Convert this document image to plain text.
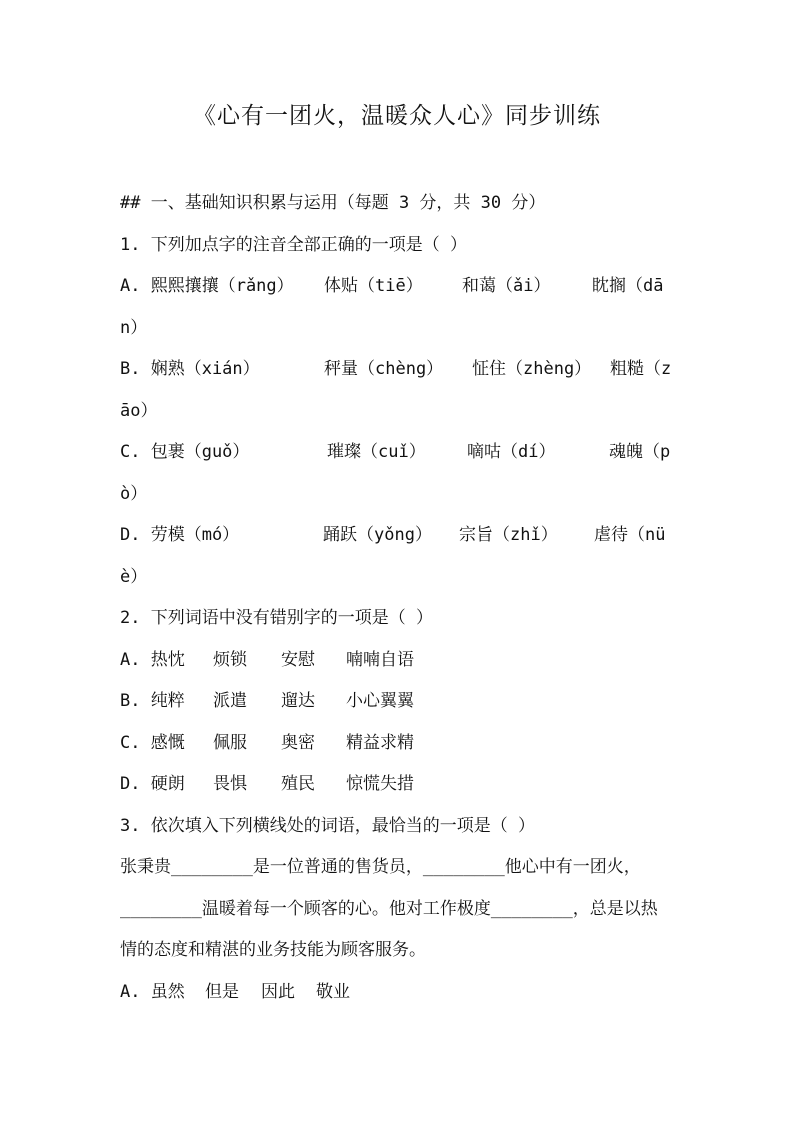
《心有一团火，温暖众人心》同步训练
## 一、基础知识积累与运用（每题 3 分，共 30 分）
1. 下列加点字的注音全部正确的一项是（ ）
A. 熙熙攘攘（rǎng）	体贴（tiē）	和蔼（ǎi）	眈搁（dā
n）
B. 娴熟（xián）	秤量（chèng）	怔住（zhèng）	粗糙（z
āo）
C. 包裹（guǒ）	璀璨（cuǐ）	嘀咕（dí）	魂魄（p
ò）
D. 劳模（mó）	踊跃（yǒng）	宗旨（zhǐ）	虐待（nü
è）
2. 下列词语中没有错别字的一项是（ ）
A. 热忱	烦锁	安慰	喃喃自语
B. 纯粹	派遣	遛达	小心翼翼
C. 感慨	佩服	奥密	精益求精
D. 硬朗	畏惧	殖民	惊慌失措
3. 依次填入下列横线处的词语，最恰当的一项是（ ）
张秉贵________是一位普通的售货员，________他心中有一团火，
________温暖着每一个顾客的心。他对工作极度________，总是以热
情的态度和精湛的业务技能为顾客服务。
A. 虽然	但是	因此	敬业
